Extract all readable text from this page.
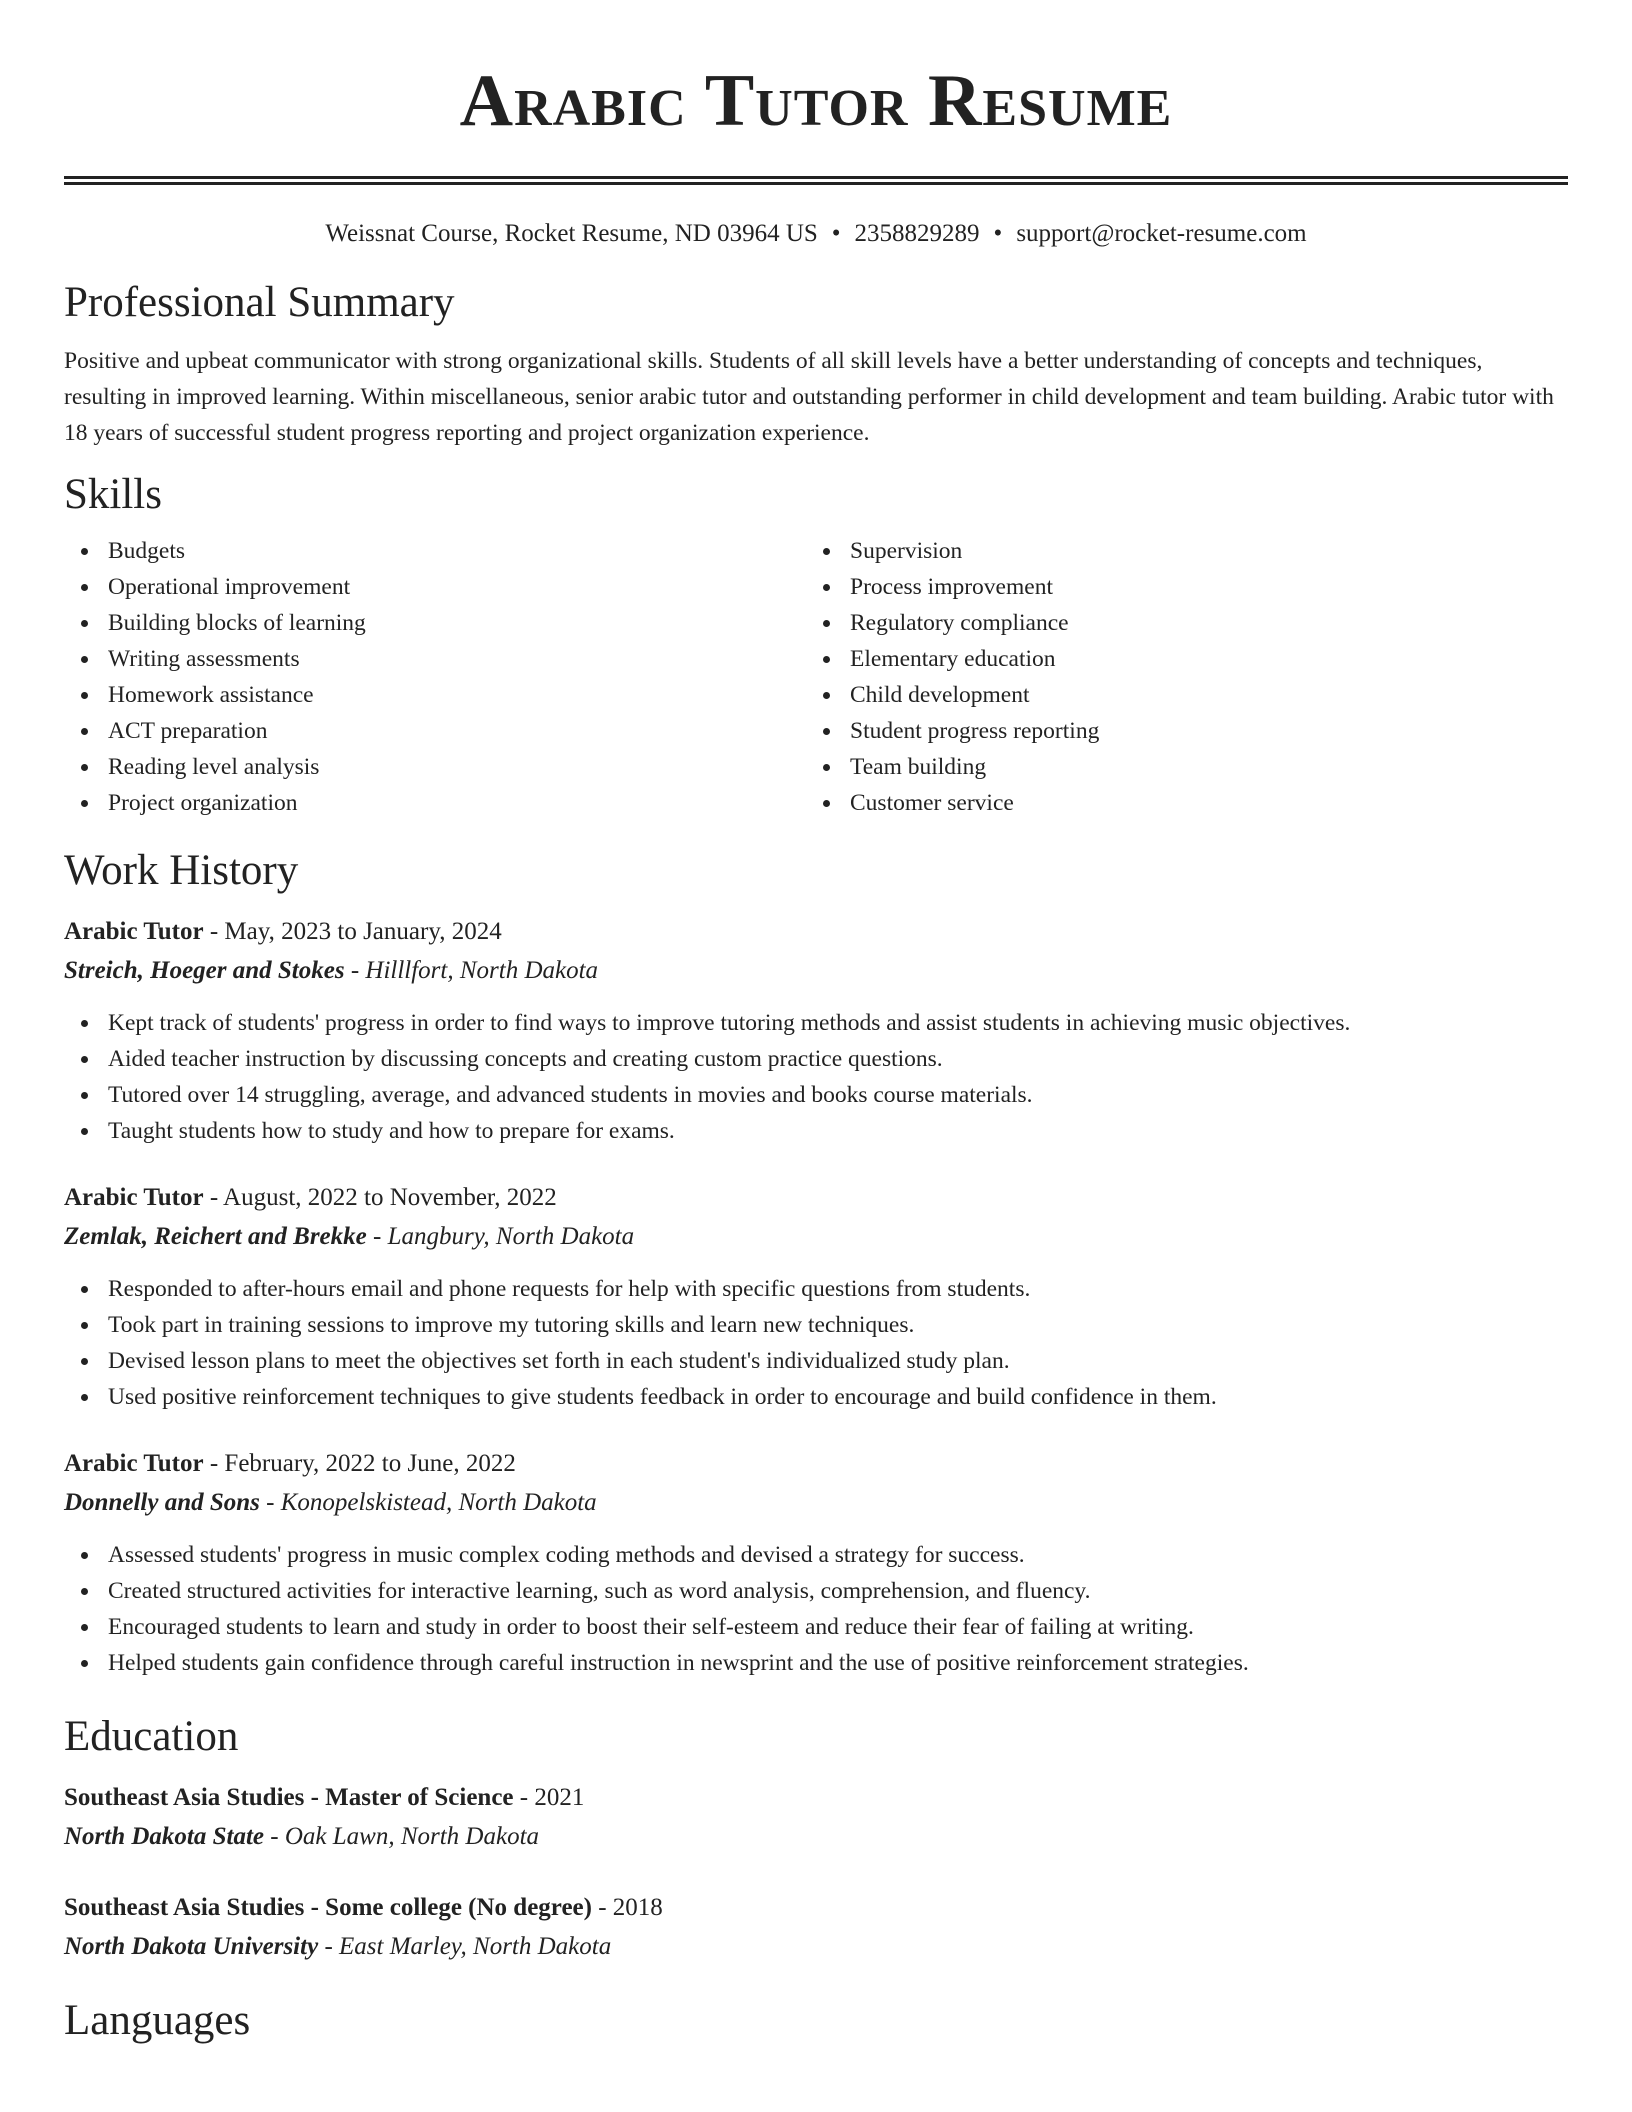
Arabic Tutor Resume
Weissnat Course, Rocket Resume, ND 03964 US • 2358829289 • support@rocket-resume.com
Professional Summary

Positive and upbeat communicator with strong organizational skills. Students of all skill levels have a better understanding of concepts and techniques, resulting in improved learning. Within miscellaneous, senior arabic tutor and outstanding performer in child development and team building. Arabic tutor with 18 years of successful student progress reporting and project organization experience.

Skills
Budgets
Operational improvement
Building blocks of learning
Writing assessments
Homework assistance
ACT preparation
Reading level analysis
Project organization
Supervision
Process improvement
Regulatory compliance
Elementary education
Child development
Student progress reporting
Team building
Customer service
Work History
Arabic Tutor - May, 2023 to January, 2024
Streich, Hoeger and Stokes - Hilllfort, North Dakota
Kept track of students' progress in order to find ways to improve tutoring methods and assist students in achieving music objectives.
Aided teacher instruction by discussing concepts and creating custom practice questions.
Tutored over 14 struggling, average, and advanced students in movies and books course materials.
Taught students how to study and how to prepare for exams.
Arabic Tutor - August, 2022 to November, 2022
Zemlak, Reichert and Brekke - Langbury, North Dakota
Responded to after-hours email and phone requests for help with specific questions from students.
Took part in training sessions to improve my tutoring skills and learn new techniques.
Devised lesson plans to meet the objectives set forth in each student's individualized study plan.
Used positive reinforcement techniques to give students feedback in order to encourage and build confidence in them.
Arabic Tutor - February, 2022 to June, 2022
Donnelly and Sons - Konopelskistead, North Dakota
Assessed students' progress in music complex coding methods and devised a strategy for success.
Created structured activities for interactive learning, such as word analysis, comprehension, and fluency.
Encouraged students to learn and study in order to boost their self-esteem and reduce their fear of failing at writing.
Helped students gain confidence through careful instruction in newsprint and the use of positive reinforcement strategies.
Education
Southeast Asia Studies - Master of Science - 2021
North Dakota State - Oak Lawn, North Dakota
Southeast Asia Studies - Some college (No degree) - 2018
North Dakota University - East Marley, North Dakota
Languages
